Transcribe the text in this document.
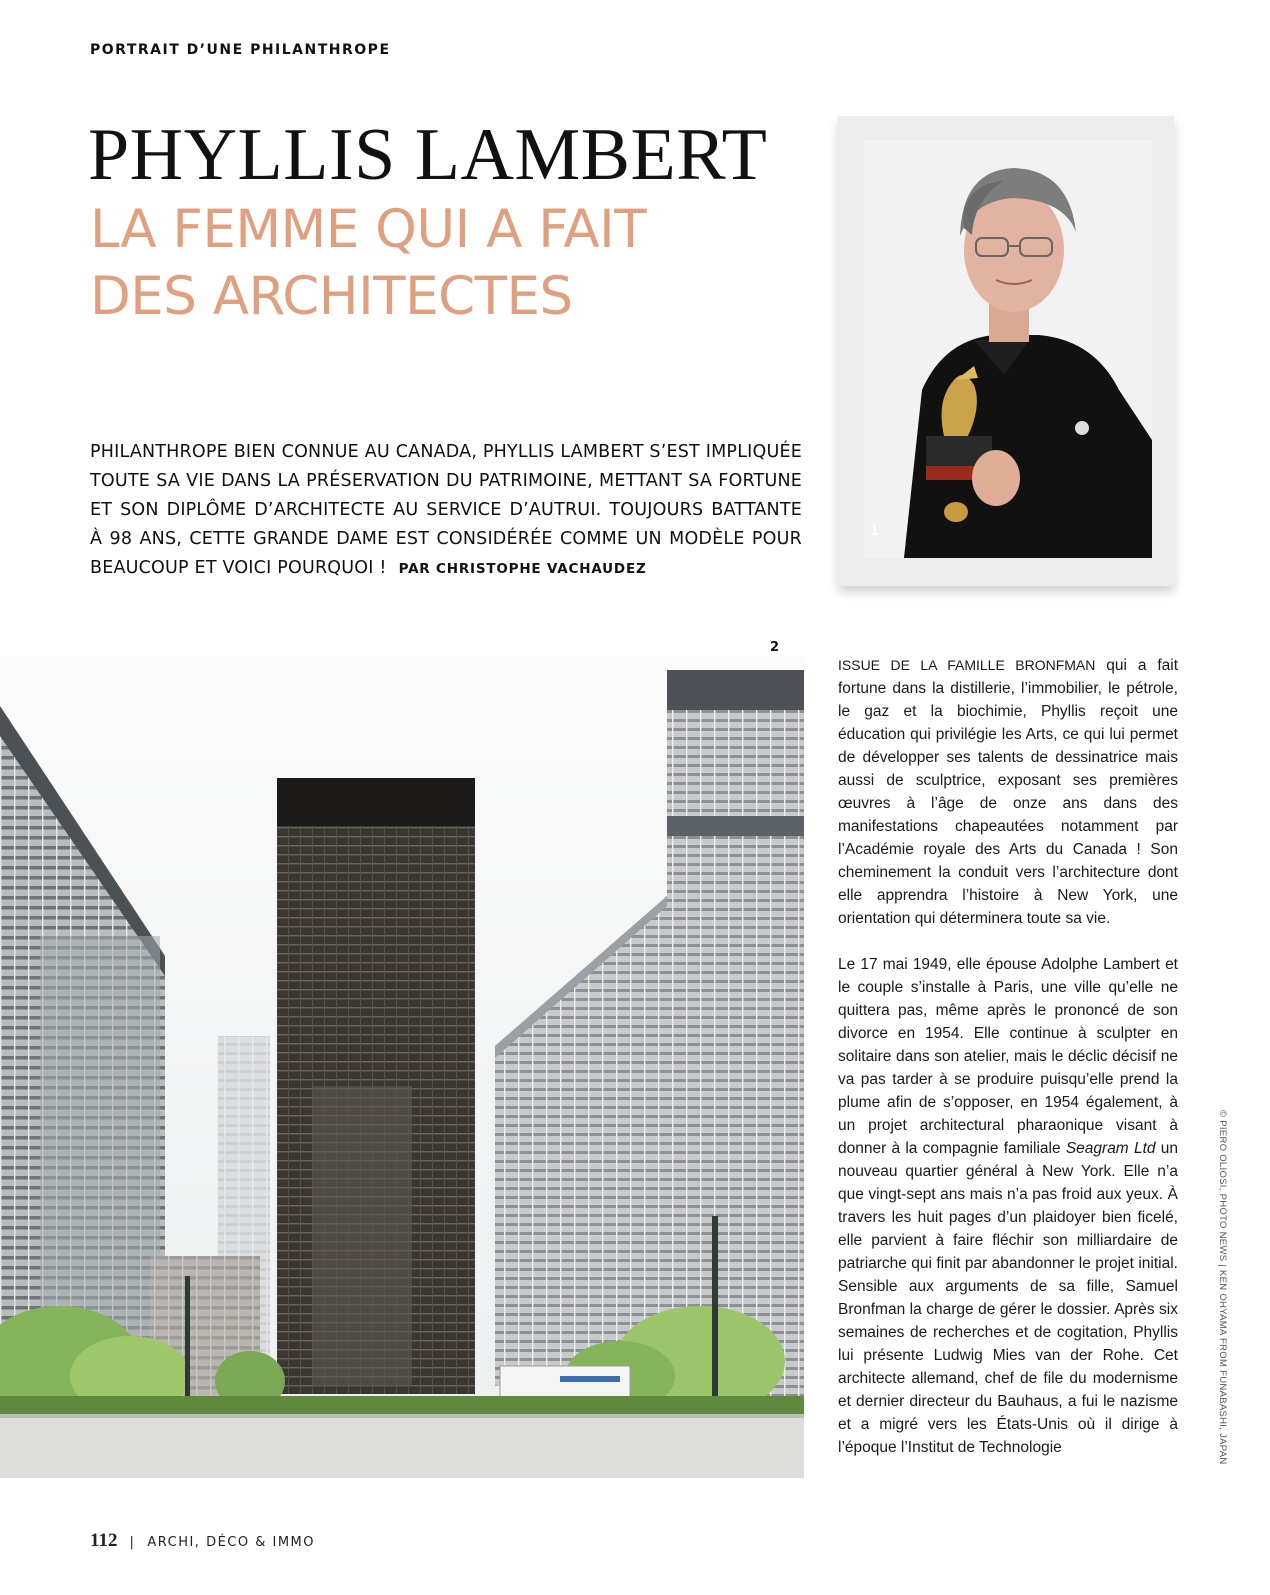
PORTRAIT D’UNE PHILANTHROPE
PHYLLIS LAMBERT
LA FEMME QUI A FAIT DES ARCHITECTES

PHILANTHROPE BIEN CONNUE AU CANADA, PHYLLIS LAMBERT S’EST IMPLIQUÉE TOUTE SA VIE DANS LA PRÉSERVATION DU PATRIMOINE, METTANT SA FORTUNE ET SON DIPLÔME D’ARCHITECTE AU SERVICE D’AUTRUI. TOUJOURS BATTANTE À 98 ANS, CETTE GRANDE DAME EST CONSIDÉRÉE COMME UN MODÈLE POUR BEAUCOUP ET VOICI POURQUOI ! PAR CHRISTOPHE VACHAUDEZ

1
2

ISSUE DE LA FAMILLE BRONFMAN qui a fait fortune dans la distillerie, l’immobilier, le pétrole, le gaz et la biochimie, Phyllis reçoit une éducation qui privilégie les Arts, ce qui lui permet de développer ses talents de dessinatrice mais aussi de sculptrice, exposant ses premières œuvres à l’âge de onze ans dans des manifestations chapeautées notamment par l’Académie royale des Arts du Canada ! Son cheminement la conduit vers l’architecture dont elle apprendra l’histoire à New York, une orientation qui déterminera toute sa vie.

Le 17 mai 1949, elle épouse Adolphe Lambert et le couple s’installe à Paris, une ville qu’elle ne quittera pas, même après le prononcé de son divorce en 1954. Elle continue à sculpter en solitaire dans son atelier, mais le déclic décisif ne va pas tarder à se produire puisqu’elle prend la plume afin de s’opposer, en 1954 également, à un projet architectural pharaonique visant à donner à la compagnie familiale Seagram Ltd un nouveau quartier général à New York. Elle n’a que vingt-sept ans mais n’a pas froid aux yeux. À travers les huit pages d’un plaidoyer bien ficelé, elle parvient à faire fléchir son milliardaire de patriarche qui finit par abandonner le projet initial. Sensible aux arguments de sa fille, Samuel Bronfman la charge de gérer le dossier. Après six semaines de recherches et de cogitation, Phyllis lui présente Ludwig Mies van der Rohe. Cet architecte allemand, chef de file du modernisme et dernier directeur du Bauhaus, a fui le nazisme et a migré vers les États-Unis où il dirige à l’époque l’Institut de Technologie	© PIERO OLIOSI, PHOTO NEWS | KEN OHYAMA FROM FUNABASHI, JAPAN
112 | ARCHI, DÉCO & IMMO
